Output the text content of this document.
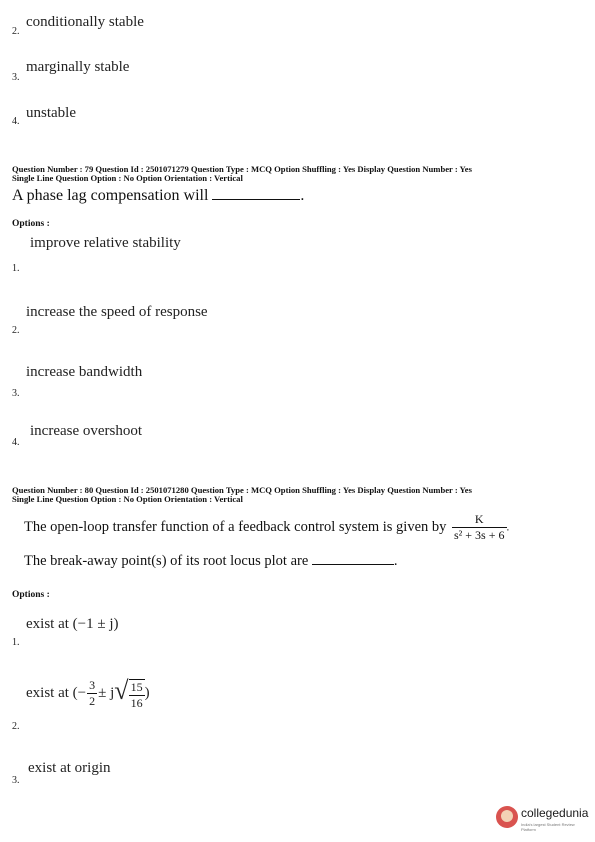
2.
conditionally stable
3.
marginally stable
4.
unstable
Question Number : 79 Question Id : 2501071279 Question Type : MCQ Option Shuffling : Yes Display Question Number : Yes
Single Line Question Option : No Option Orientation : Vertical
A phase lag compensation will	.
Options :
improve relative stability
1.
increase the speed of response
2.
increase bandwidth
3.
increase overshoot
4.
Question Number : 80 Question Id : 2501071280 Question Type : MCQ Option Shuffling : Yes Display Question Number : Yes
Single Line Question Option : No Option Orientation : Vertical
The open-loop transfer function of a feedback control system is given by $\frac{K}{\text{s² + 3s + 6}}$ .
The break-away point(s) of its root locus plot are	.
Options :
exist at (−1 ± j)
1.
exist at (− $\frac{3}{2} \pm j$ √ $\frac{15}{16}$ )
2.
exist at origin
3.
collegedunia
India's largest Student Review Platform
